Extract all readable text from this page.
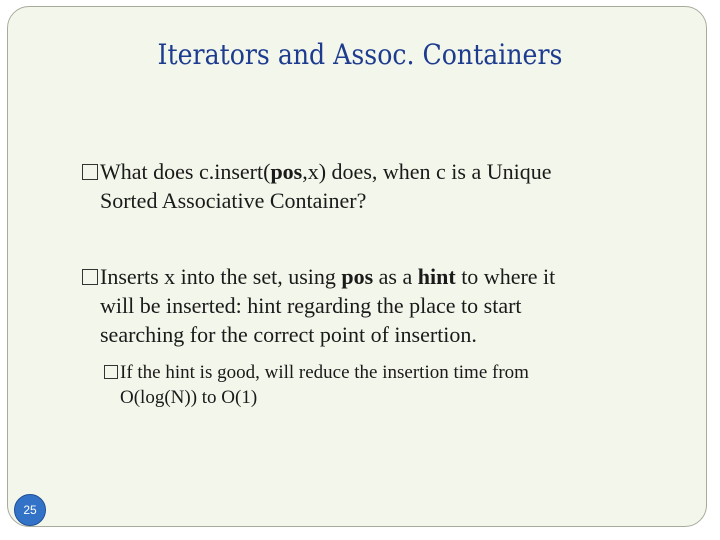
Iterators and Assoc. Containers
What does c.insert(pos,x) does, when c is a Unique
Sorted Associative Container?
Inserts x into the set, using pos as a hint to where it
will be inserted: hint regarding the place to start
searching for the correct point of insertion.
If the hint is good, will reduce the insertion time from
O(log(N)) to O(1)
25
